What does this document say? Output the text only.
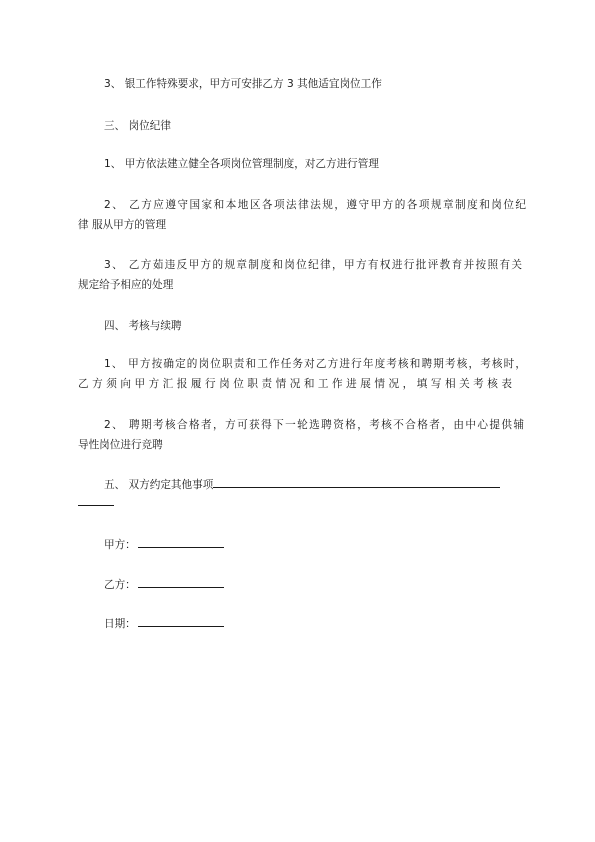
3、 银工作特殊要求，甲方可安排乙方 3 其他适宜岗位工作
三、 岗位纪律
1、 甲方依法建立健全各项岗位管理制度，对乙方进行管理
2、 乙方应遵守国家和本地区各项法律法规，遵守甲方的各项规章制度和岗位纪
律 服从甲方的管理
3、 乙方茹违反甲方的规章制度和岗位纪律，甲方有权进行批评教育并按照有关
规定给予相应的处理
四、 考核与续聘
1、 甲方按确定的岗位职责和工作任务对乙方进行年度考核和聘期考核，考核时，
乙方须向甲方汇报履行岗位职责情况和工作进展情况，填写相关考核表
2、 聘期考核合格者，方可获得下一轮选聘资格，考核不合格者，由中心提供辅
导性岗位进行竞聘
五、 双方约定其他事项
甲方：
乙方：
日期：
